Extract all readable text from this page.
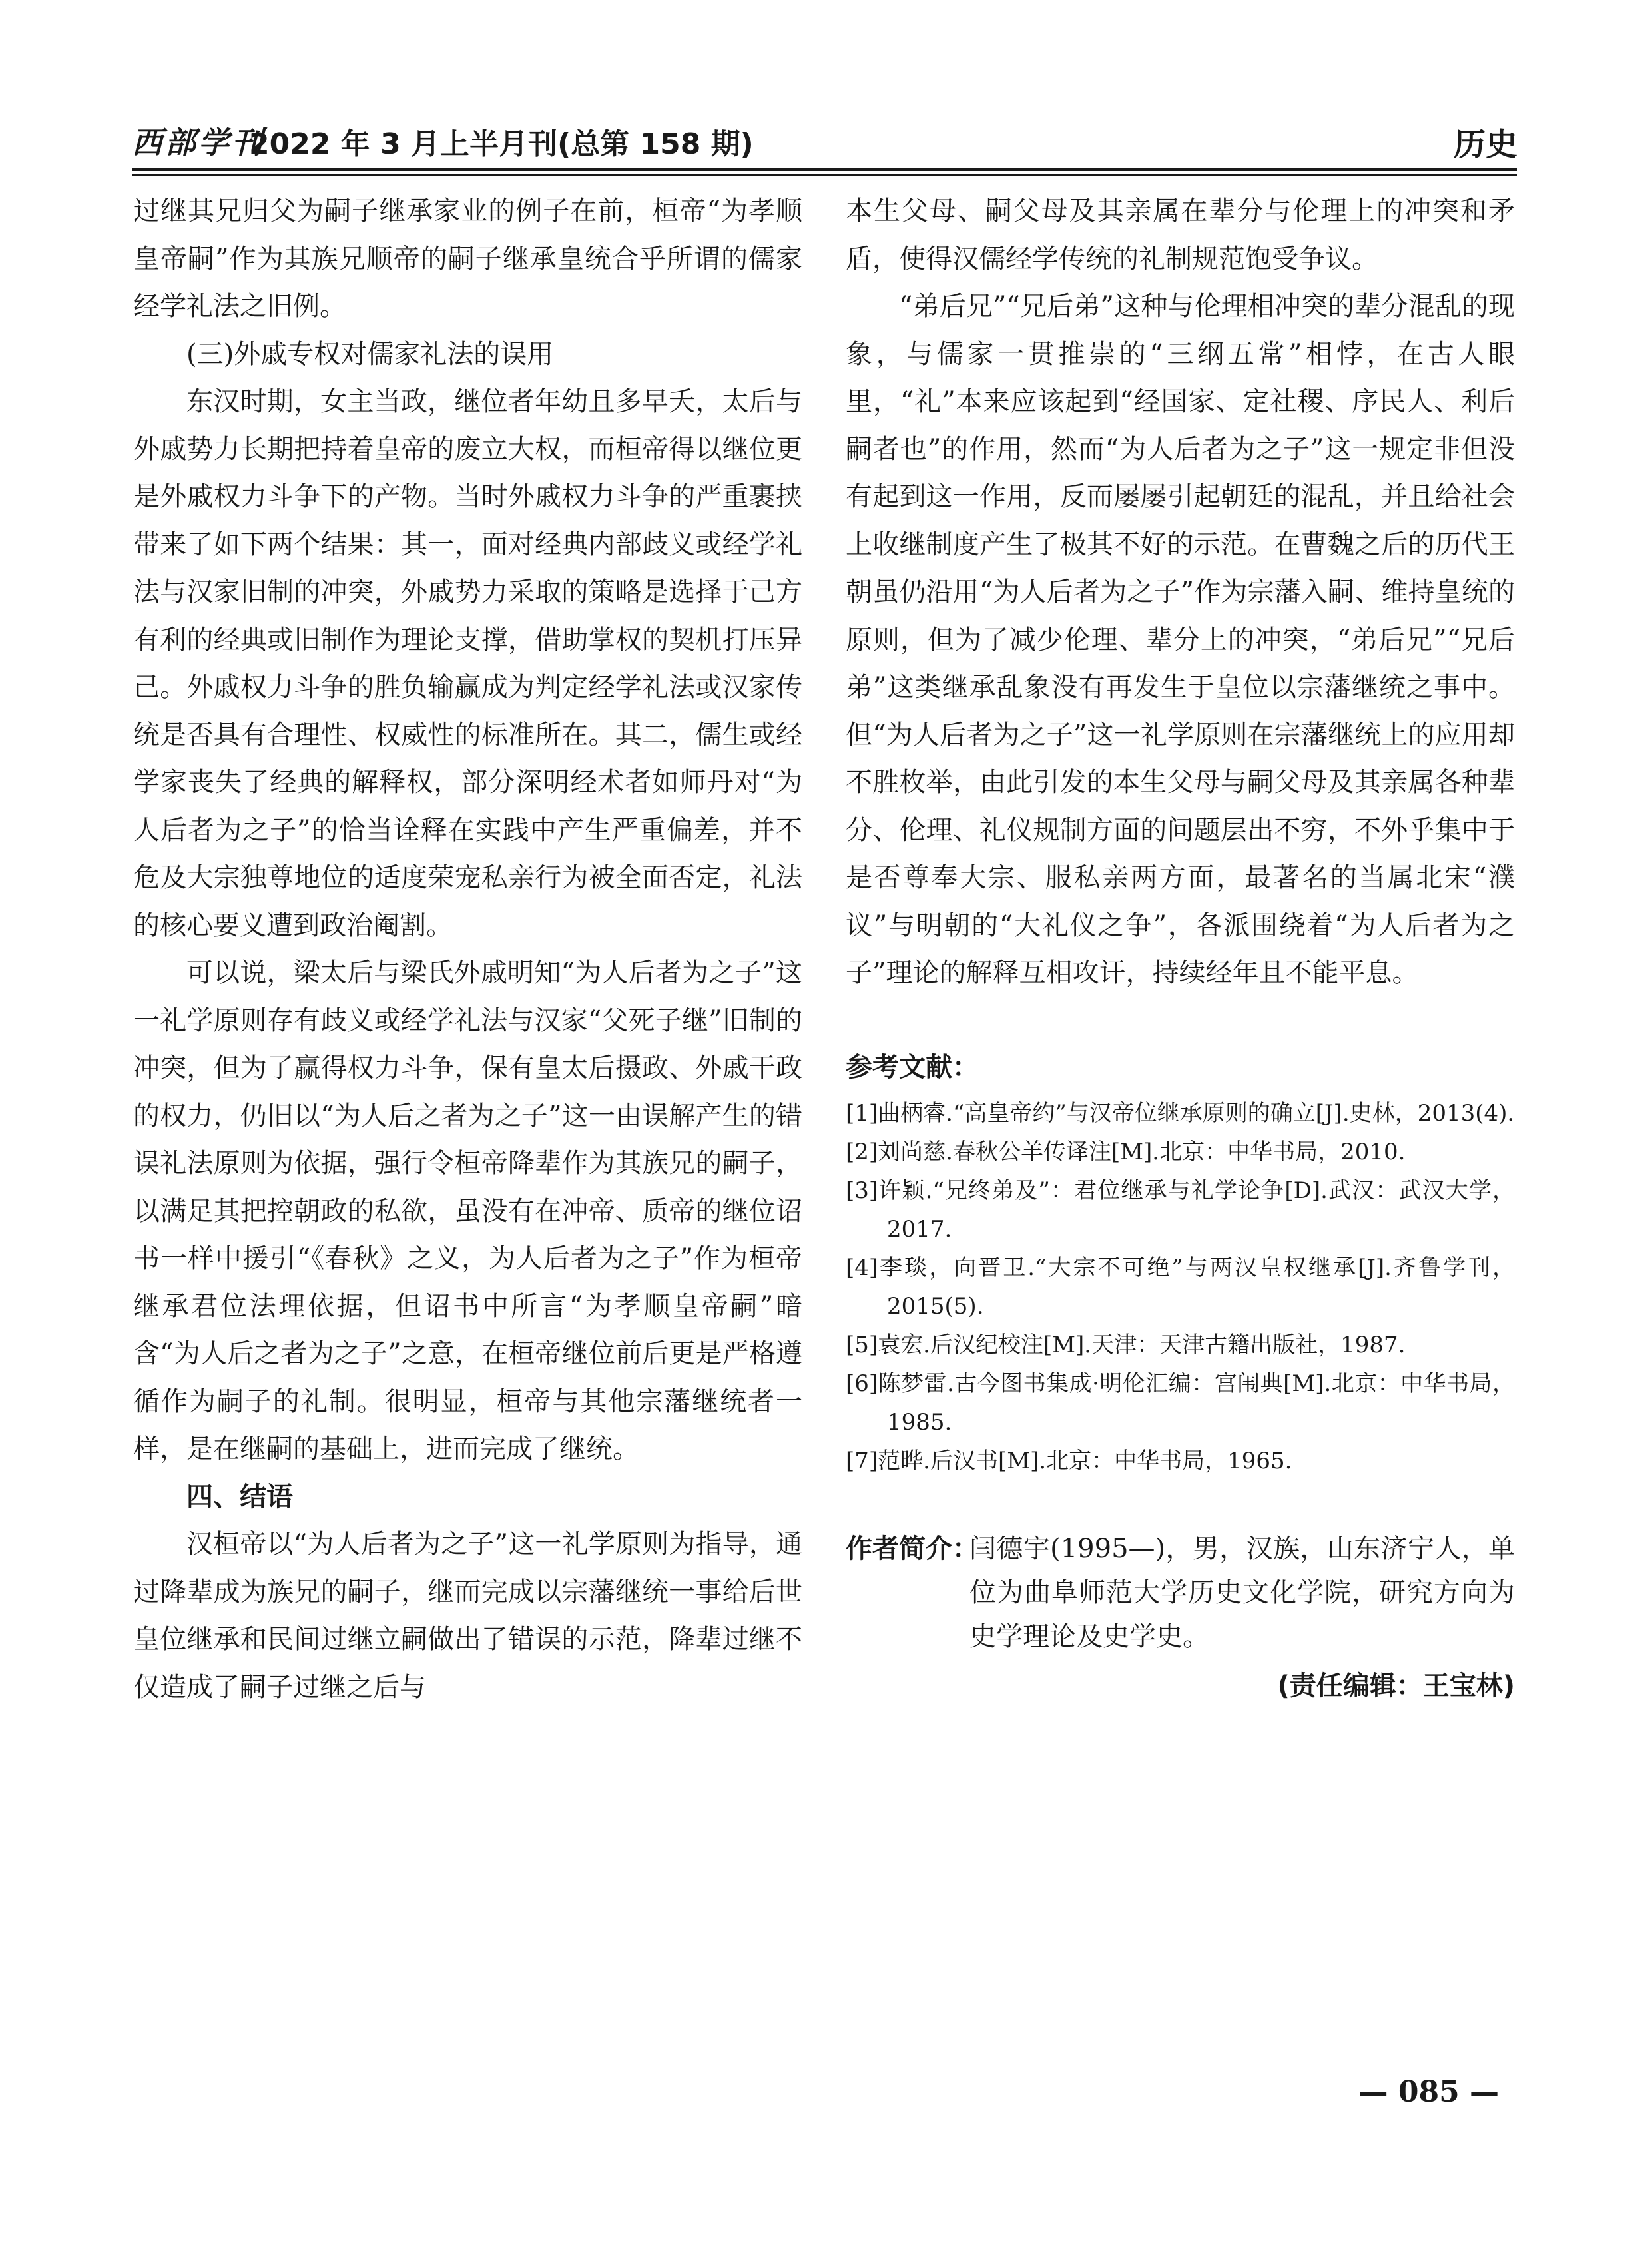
西部学刊
2022 年 3 月上半月刊(总第 158 期)	历史

过继其兄归父为嗣子继承家业的例子在前，桓帝“为孝顺皇帝嗣”作为其族兄顺帝的嗣子继承皇统合乎所谓的儒家经学礼法之旧例。

(三)外戚专权对儒家礼法的误用

东汉时期，女主当政，继位者年幼且多早夭，太后与外戚势力长期把持着皇帝的废立大权，而桓帝得以继位更是外戚权力斗争下的产物。当时外戚权力斗争的严重裹挟带来了如下两个结果：其一，面对经典内部歧义或经学礼法与汉家旧制的冲突，外戚势力采取的策略是选择于己方有利的经典或旧制作为理论支撑，借助掌权的契机打压异己。外戚权力斗争的胜负输赢成为判定经学礼法或汉家传统是否具有合理性、权威性的标准所在。其二，儒生或经学家丧失了经典的解释权，部分深明经术者如师丹对“为人后者为之子”的恰当诠释在实践中产生严重偏差，并不危及大宗独尊地位的适度荣宠私亲行为被全面否定，礼法的核心要义遭到政治阉割。

可以说，梁太后与梁氏外戚明知“为人后者为之子”这一礼学原则存有歧义或经学礼法与汉家“父死子继”旧制的冲突，但为了赢得权力斗争，保有皇太后摄政、外戚干政的权力，仍旧以“为人后之者为之子”这一由误解产生的错误礼法原则为依据，强行令桓帝降辈作为其族兄的嗣子，以满足其把控朝政的私欲，虽没有在冲帝、质帝的继位诏书一样中援引“《春秋》之义，为人后者为之子”作为桓帝继承君位法理依据，但诏书中所言“为孝顺皇帝嗣”暗含“为人后之者为之子”之意，在桓帝继位前后更是严格遵循作为嗣子的礼制。很明显，桓帝与其他宗藩继统者一样，是在继嗣的基础上，进而完成了继统。

四、结语

汉桓帝以“为人后者为之子”这一礼学原则为指导，通过降辈成为族兄的嗣子，继而完成以宗藩继统一事给后世皇位继承和民间过继立嗣做出了错误的示范，降辈过继不仅造成了嗣子过继之后与

本生父母、嗣父母及其亲属在辈分与伦理上的冲突和矛盾，使得汉儒经学传统的礼制规范饱受争议。

“弟后兄”“兄后弟”这种与伦理相冲突的辈分混乱的现象，与儒家一贯推崇的“三纲五常”相悖，在古人眼里，“礼”本来应该起到“经国家、定社稷、序民人、利后嗣者也”的作用，然而“为人后者为之子”这一规定非但没有起到这一作用，反而屡屡引起朝廷的混乱，并且给社会上收继制度产生了极其不好的示范。在曹魏之后的历代王朝虽仍沿用“为人后者为之子”作为宗藩入嗣、维持皇统的原则，但为了减少伦理、辈分上的冲突，“弟后兄”“兄后弟”这类继承乱象没有再发生于皇位以宗藩继统之事中。但“为人后者为之子”这一礼学原则在宗藩继统上的应用却不胜枚举，由此引发的本生父母与嗣父母及其亲属各种辈分、伦理、礼仪规制方面的问题层出不穷，不外乎集中于是否尊奉大宗、服私亲两方面，最著名的当属北宋“濮议”与明朝的“大礼仪之争”，各派围绕着“为人后者为之子”理论的解释互相攻讦，持续经年且不能平息。

参考文献：
[1]曲柄睿.“高皇帝约”与汉帝位继承原则的确立[J].史林，2013(4).
[2]刘尚慈.春秋公羊传译注[M].北京：中华书局，2010.
[3]许颖.“兄终弟及”：君位继承与礼学论争[D].武汉：武汉大学，2017.
[4]李琰，向晋卫.“大宗不可绝”与两汉皇权继承[J].齐鲁学刊，2015(5).
[5]袁宏.后汉纪校注[M].天津：天津古籍出版社，1987.
[6]陈梦雷.古今图书集成·明伦汇编：宫闱典[M].北京：中华书局，1985.
[7]范晔.后汉书[M].北京：中华书局，1965.
作者简介：
闫德宇(1995—)，男，汉族，山东济宁人，单位为曲阜师范大学历史文化学院，研究方向为史学理论及史学史。
(责任编辑：王宝林)
— 085 —
